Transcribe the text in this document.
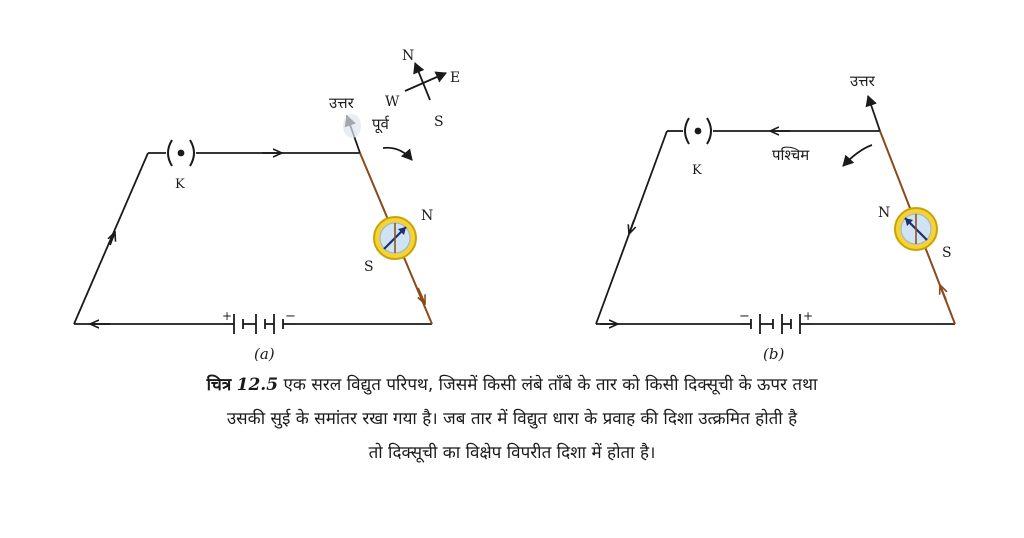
उत्तर
पूर्व
N
E
W
S
K
+	−
N
S
(a)
उत्तर
पश्चिम
K
−	+
N
S
(b)
चित्र 12.5 एक सरल विद्युत परिपथ, जिसमें किसी लंबे ताँबे के तार को किसी दिक्सूची के ऊपर तथा
उसकी सुई के समांतर रखा गया है। जब तार में विद्युत धारा के प्रवाह की दिशा उत्क्रमित होती है
तो दिक्सूची का विक्षेप विपरीत दिशा में होता है।
